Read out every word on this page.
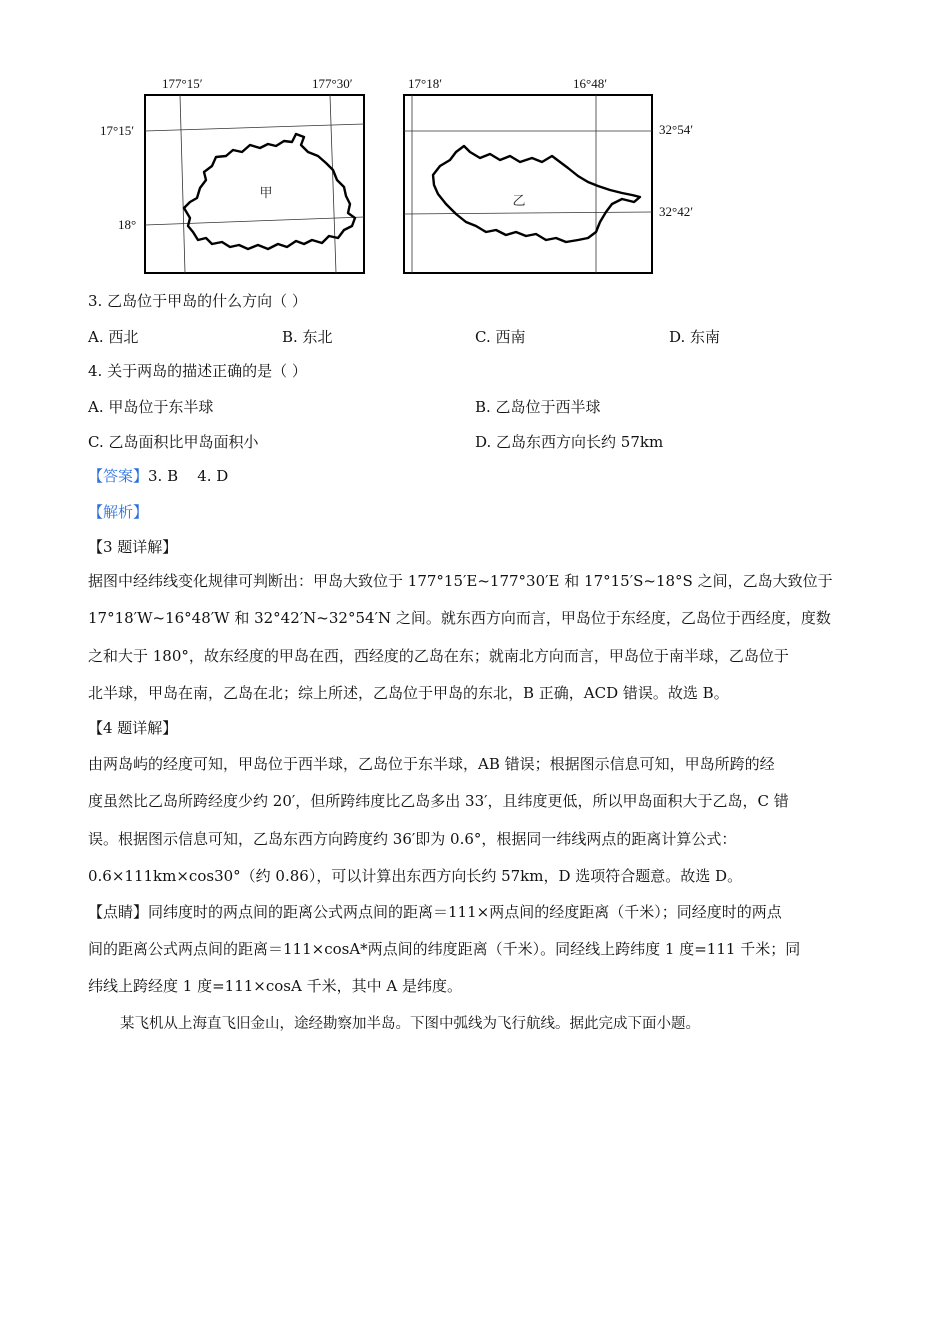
177°15′	177°30′
17°15′
18°
甲
17°18′	16°48′
32°54′
32°42′
乙
3. 乙岛位于甲岛的什么方向（ ）
A. 西北	B. 东北	C. 西南	D. 东南
4. 关于两岛的描述正确的是（ ）
A. 甲岛位于东半球	B. 乙岛位于西半球
C. 乙岛面积比甲岛面积小	D. 乙岛东西方向长约 57km
【答案】3. B    4. D
【解析】
【3 题详解】
据图中经纬线变化规律可判断出：甲岛大致位于 177°15′E~177°30′E 和 17°15′S~18°S 之间，乙岛大致位于
17°18′W~16°48′W 和 32°42′N~32°54′N 之间。就东西方向而言，甲岛位于东经度，乙岛位于西经度，度数
之和大于 180°，故东经度的甲岛在西，西经度的乙岛在东；就南北方向而言，甲岛位于南半球，乙岛位于
北半球，甲岛在南，乙岛在北；综上所述，乙岛位于甲岛的东北，B 正确，ACD 错误。故选 B。
【4 题详解】
由两岛屿的经度可知，甲岛位于西半球，乙岛位于东半球，AB 错误；根据图示信息可知，甲岛所跨的经
度虽然比乙岛所跨经度少约 20′，但所跨纬度比乙岛多出 33′，且纬度更低，所以甲岛面积大于乙岛，C 错
误。根据图示信息可知，乙岛东西方向跨度约 36′即为 0.6°，根据同一纬线两点的距离计算公式：
0.6×111km×cos30°（约 0.86），可以计算出东西方向长约 57km，D 选项符合题意。故选 D。
【点睛】同纬度时的两点间的距离公式两点间的距离＝111×两点间的经度距离（千米）；同经度时的两点
间的距离公式两点间的距离＝111×cosA*两点间的纬度距离（千米）。同经线上跨纬度 1 度=111 千米；同
纬线上跨经度 1 度=111×cosA 千米，其中 A 是纬度。
某飞机从上海直飞旧金山，途经勘察加半岛。下图中弧线为飞行航线。据此完成下面小题。
